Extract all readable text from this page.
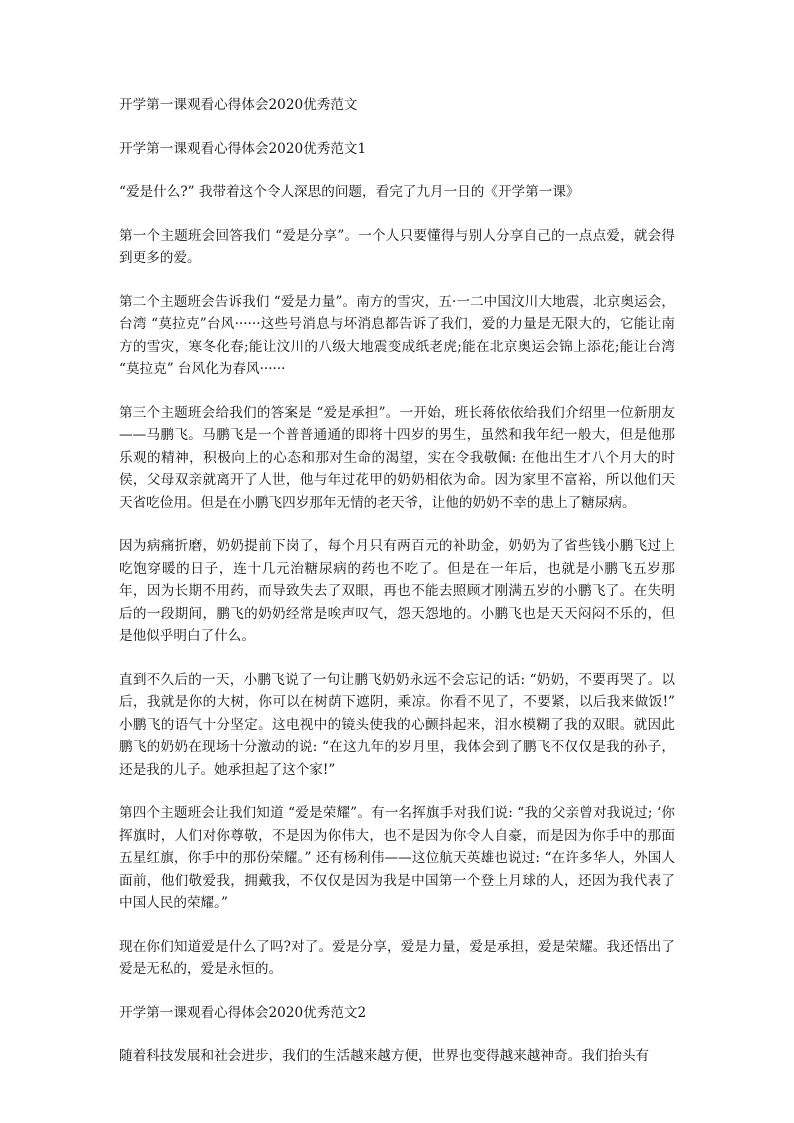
开学第一课观看心得体会2020优秀范文

开学第一课观看心得体会2020优秀范文1

“爱是什么?” 我带着这个令人深思的问题，看完了九月一日的《开学第一课》

第一个主题班会回答我们 “爱是分享”。一个人只要懂得与别人分享自己的一点点爱，就会得到更多的爱。

第二个主题班会告诉我们 “爱是力量”。南方的雪灾，五·一二中国汶川大地震，北京奥运会，台湾 “莫拉克”台风······这些号消息与坏消息都告诉了我们，爱的力量是无限大的，它能让南方的雪灾，寒冬化春;能让汶川的八级大地震变成纸老虎;能在北京奥运会锦上添花;能让台湾 “莫拉克” 台风化为春风······

第三个主题班会给我们的答案是 “爱是承担”。一开始，班长蒋依依给我们介绍里一位新朋友——马鹏飞。马鹏飞是一个普普通通的即将十四岁的男生，虽然和我年纪一般大，但是他那乐观的精神，积极向上的心态和那对生命的渴望，实在令我敬佩: 在他出生才八个月大的时侯，父母双亲就离开了人世，他与年过花甲的奶奶相依为命。因为家里不富裕，所以他们天天省吃俭用。但是在小鹏飞四岁那年无情的老天爷，让他的奶奶不幸的患上了糖尿病。

因为病痛折磨，奶奶提前下岗了，每个月只有两百元的补助金，奶奶为了省些钱小鹏飞过上吃饱穿暖的日子，连十几元治糖尿病的药也不吃了。但是在一年后，也就是小鹏飞五岁那年，因为长期不用药，而导致失去了双眼，再也不能去照顾才刚满五岁的小鹏飞了。在失明后的一段期间，鹏飞的奶奶经常是唉声叹气，怨天怨地的。小鹏飞也是天天闷闷不乐的，但是他似乎明白了什么。

直到不久后的一天，小鹏飞说了一句让鹏飞奶奶永远不会忘记的话: “奶奶，不要再哭了。以后，我就是你的大树，你可以在树荫下遮阴，乘凉。你看不见了，不要紧，以后我来做饭!” 小鹏飞的语气十分坚定。这电视中的镜头使我的心颤抖起来，泪水模糊了我的双眼。就因此鹏飞的奶奶在现场十分激动的说: “在这九年的岁月里，我体会到了鹏飞不仅仅是我的孙子，还是我的儿子。她承担起了这个家!”

第四个主题班会让我们知道 “爱是荣耀”。有一名挥旗手对我们说: “我的父亲曾对我说过; ‘你挥旗时，人们对你尊敬，不是因为你伟大，也不是因为你令人自豪，而是因为你手中的那面五星红旗，你手中的那份荣耀。” 还有杨利伟——这位航天英雄也说过: “在许多华人，外国人面前，他们敬爱我，拥戴我，不仅仅是因为我是中国第一个登上月球的人，还因为我代表了中国人民的荣耀。”

现在你们知道爱是什么了吗?对了。爱是分享，爱是力量，爱是承担，爱是荣耀。我还悟出了爱是无私的，爱是永恒的。

开学第一课观看心得体会2020优秀范文2

随着科技发展和社会进步，我们的生活越来越方便，世界也变得越来越神奇。我们抬头有
